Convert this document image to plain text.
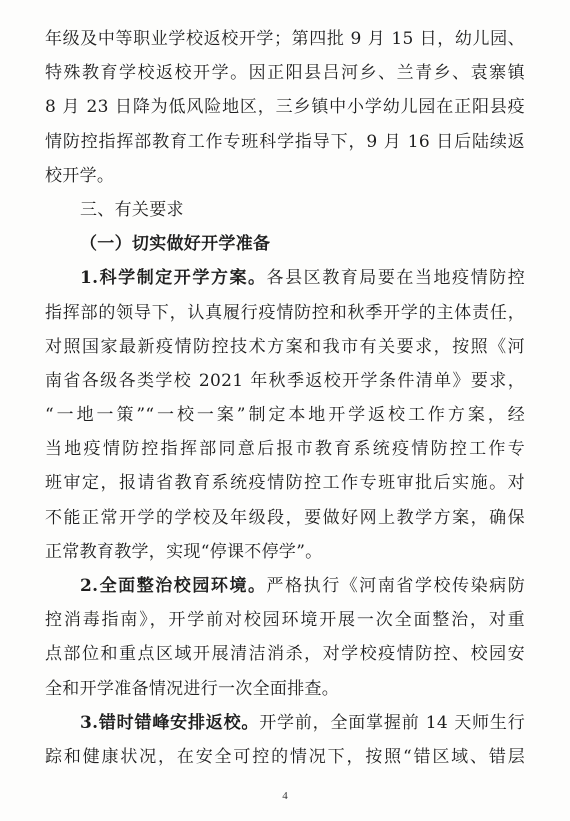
年级及中等职业学校返校开学；第四批 9 月 15 日，幼儿园、
特殊教育学校返校开学。因正阳县吕河乡、兰青乡、袁寨镇
8 月 23 日降为低风险地区，三乡镇中小学幼儿园在正阳县疫
情防控指挥部教育工作专班科学指导下，9 月 16 日后陆续返
校开学。
三、有关要求
（一）切实做好开学准备
1.科学制定开学方案。各县区教育局要在当地疫情防控
指挥部的领导下，认真履行疫情防控和秋季开学的主体责任，
对照国家最新疫情防控技术方案和我市有关要求，按照《河
南省各级各类学校 2021 年秋季返校开学条件清单》要求，
“一地一策”“一校一案”制定本地开学返校工作方案，经
当地疫情防控指挥部同意后报市教育系统疫情防控工作专
班审定，报请省教育系统疫情防控工作专班审批后实施。对
不能正常开学的学校及年级段，要做好网上教学方案，确保
正常教育教学，实现“停课不停学”。
2.全面整治校园环境。严格执行《河南省学校传染病防
控消毒指南》，开学前对校园环境开展一次全面整治，对重
点部位和重点区域开展清洁消杀，对学校疫情防控、校园安
全和开学准备情况进行一次全面排查。
3.错时错峰安排返校。开学前，全面掌握前 14 天师生行
踪和健康状况，在安全可控的情况下，按照“错区域、错层
4
